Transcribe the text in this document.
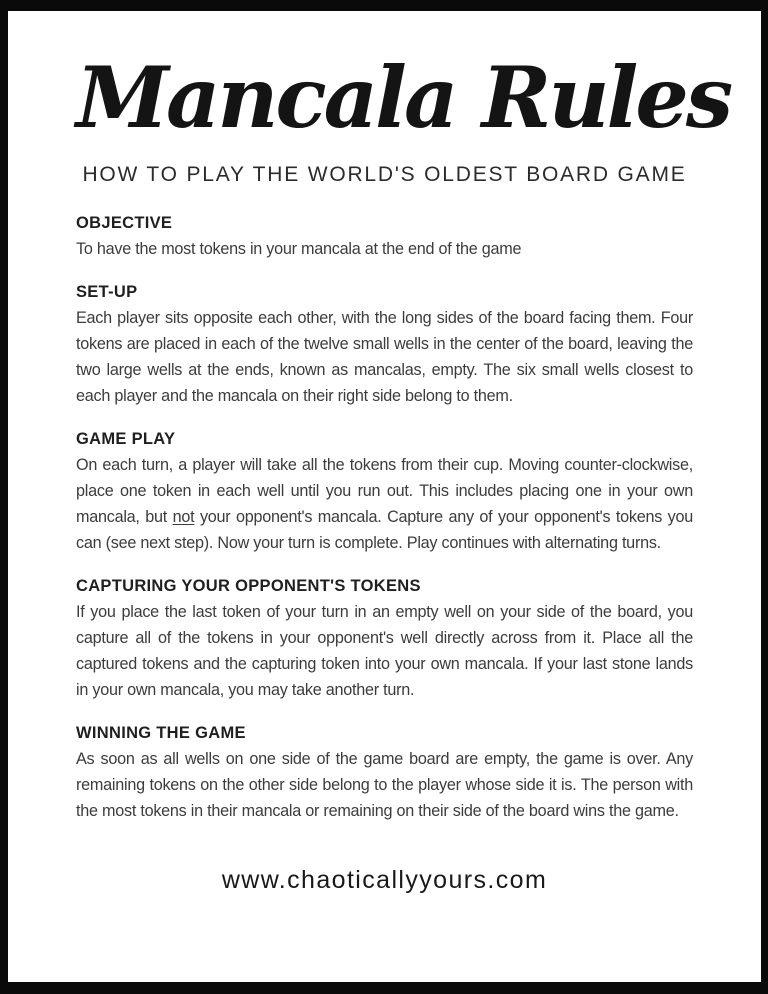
Mancala Rules
HOW TO PLAY THE WORLD'S OLDEST BOARD GAME
OBJECTIVE

To have the most tokens in your mancala at the end of the game

SET-UP

Each player sits opposite each other, with the long sides of the board facing them. Four tokens are placed in each of the twelve small wells in the center of the board, leaving the two large wells at the ends, known as mancalas, empty. The six small wells closest to each player and the mancala on their right side belong to them.

GAME PLAY

On each turn, a player will take all the tokens from their cup. Moving counter-clockwise, place one token in each well until you run out. This includes placing one in your own mancala, but not your opponent's mancala. Capture any of your opponent's tokens you can (see next step). Now your turn is complete. Play continues with alternating turns.

CAPTURING YOUR OPPONENT'S TOKENS

If you place the last token of your turn in an empty well on your side of the board, you capture all of the tokens in your opponent's well directly across from it. Place all the captured tokens and the capturing token into your own mancala. If your last stone lands in your own mancala, you may take another turn.

WINNING THE GAME

As soon as all wells on one side of the game board are empty, the game is over. Any remaining tokens on the other side belong to the player whose side it is. The person with the most tokens in their mancala or remaining on their side of the board wins the game.

www.chaoticallyyours.com
